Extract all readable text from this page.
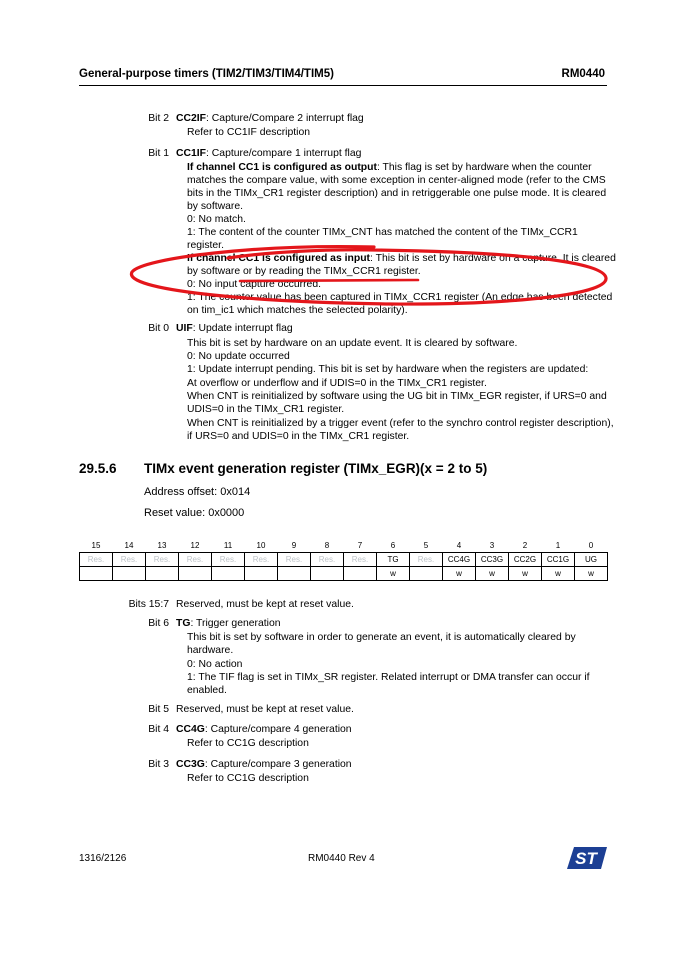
General-purpose timers (TIM2/TIM3/TIM4/TIM5)	RM0440
Bit 2 CC2IF: Capture/Compare 2 interrupt flag
Refer to CC1IF description
Bit 1 CC1IF: Capture/compare 1 interrupt flag
If channel CC1 is configured as output: This flag is set by hardware when the counter
matches the compare value, with some exception in center-aligned mode (refer to the CMS
bits in the TIMx_CR1 register description) and in retriggerable one pulse mode. It is cleared
by software.
0: No match.
1: The content of the counter TIMx_CNT has matched the content of the TIMx_CCR1
register.
If channel CC1 is configured as input: This bit is set by hardware on a capture. It is cleared
by software or by reading the TIMx_CCR1 register.
0: No input capture occurred.
1: The counter value has been captured in TIMx_CCR1 register (An edge has been detected
on tim_ic1 which matches the selected polarity).
Bit 0 UIF: Update interrupt flag
This bit is set by hardware on an update event. It is cleared by software.
0: No update occurred
1: Update interrupt pending. This bit is set by hardware when the registers are updated:
At overflow or underflow and if UDIS=0 in the TIMx_CR1 register.
When CNT is reinitialized by software using the UG bit in TIMx_EGR register, if URS=0 and
UDIS=0 in the TIMx_CR1 register.
When CNT is reinitialized by a trigger event (refer to the synchro control register description),
if URS=0 and UDIS=0 in the TIMx_CR1 register.
29.5.6 TIMx event generation register (TIMx_EGR)(x = 2 to 5)
Address offset: 0x014
Reset value: 0x0000
15	14	13	12	11	10	9	8	7	6	5	4	3	2	1	0
Res.	Res.	Res.	Res.	Res.	Res.	Res.	Res.	Res.	TG	Res.	CC4G	CC3G	CC2G	CC1G	UG
									w		w	w	w	w	w
Bits 15:7 Reserved, must be kept at reset value.
Bit 6 TG: Trigger generation
This bit is set by software in order to generate an event, it is automatically cleared by
hardware.
0: No action
1: The TIF flag is set in TIMx_SR register. Related interrupt or DMA transfer can occur if
enabled.
Bit 5 Reserved, must be kept at reset value.
Bit 4 CC4G: Capture/compare 4 generation
Refer to CC1G description
Bit 3 CC3G: Capture/compare 3 generation
Refer to CC1G description
1316/2126	RM0440 Rev 4	ST
